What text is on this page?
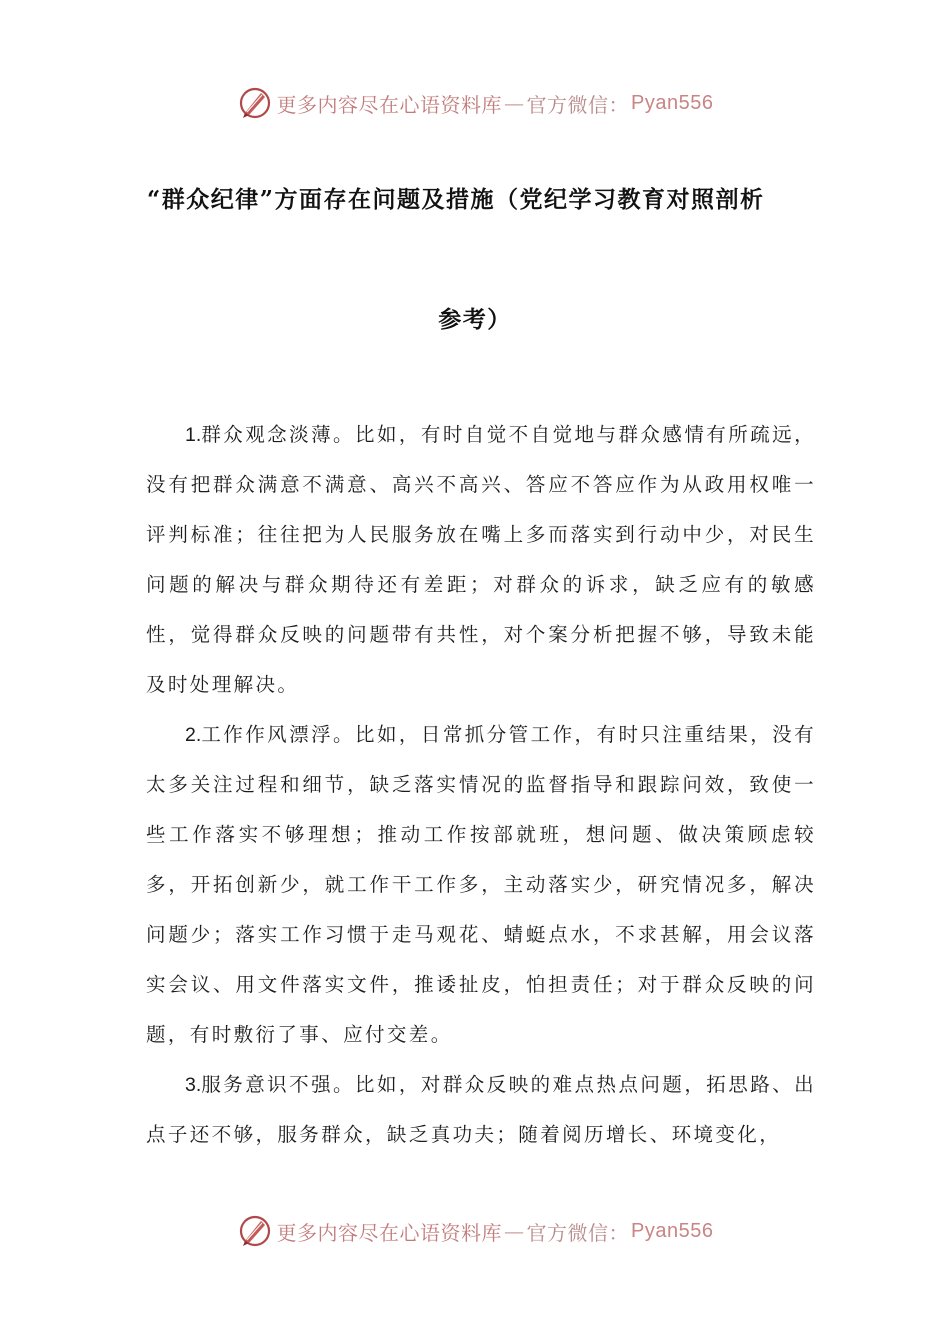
更多内容尽在心语资料库 — 官方微信： Pyan556
“群众纪律”方面存在问题及措施（党纪学习教育对照剖析
参考）

1.群众观念淡薄。比如，有时自觉不自觉地与群众感情有所疏远，没有把群众满意不满意、高兴不高兴、答应不答应作为从政用权唯一评判标准；往往把为人民服务放在嘴上多而落实到行动中少，对民生问题的解决与群众期待还有差距；对群众的诉求，缺乏应有的敏感性，觉得群众反映的问题带有共性，对个案分析把握不够，导致未能及时处理解决。

2.工作作风漂浮。比如，日常抓分管工作，有时只注重结果，没有太多关注过程和细节，缺乏落实情况的监督指导和跟踪问效，致使一些工作落实不够理想；推动工作按部就班，想问题、做决策顾虑较多，开拓创新少，就工作干工作多，主动落实少，研究情况多，解决问题少；落实工作习惯于走马观花、蜻蜓点水，不求甚解，用会议落实会议、用文件落实文件，推诿扯皮，怕担责任；对于群众反映的问题，有时敷衍了事、应付交差。

3.服务意识不强。比如，对群众反映的难点热点问题，拓思路、出点子还不够，服务群众，缺乏真功夫；随着阅历增长、环境变化，

更多内容尽在心语资料库 — 官方微信： Pyan556
